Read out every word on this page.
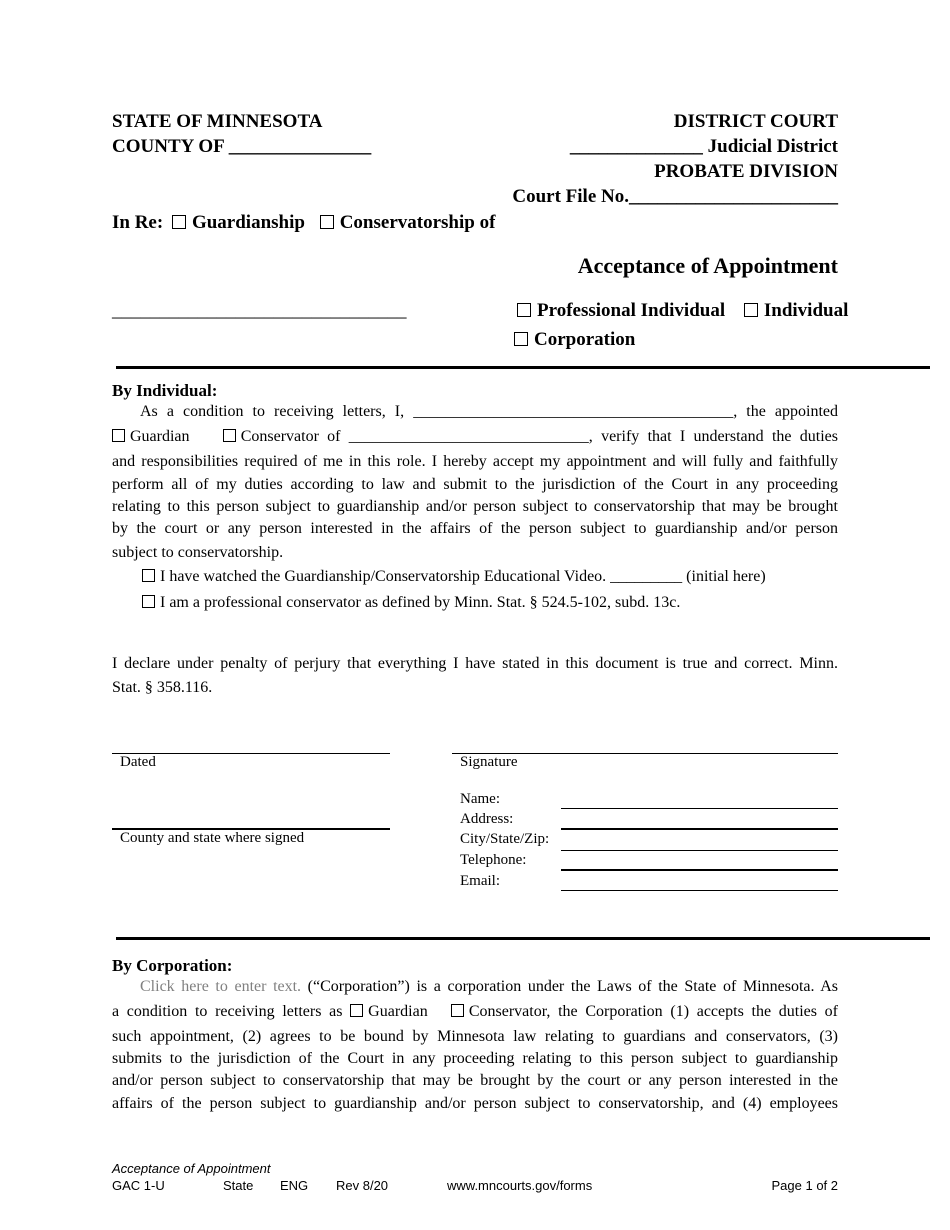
STATE OF MINNESOTA
COUNTY OF _______________
DISTRICT COURT
______________ Judicial District
PROBATE DIVISION
Court File No.______________________
In Re: Guardianship Conservatorship of
Acceptance of Appointment
_______________________________	Professional Individual Individual
Corporation
By Individual:
As a condition to receiving letters, I, ________________________________________, the appointed
Guardian	Conservator of ______________________________, verify that I understand the duties
and responsibilities required of me in this role. I hereby accept my appointment and will fully and faithfully
perform all of my duties according to law and submit to the jurisdiction of the Court in any proceeding
relating to this person subject to guardianship and/or person subject to conservatorship that may be brought
by the court or any person interested in the affairs of the person subject to guardianship and/or person
subject to conservatorship.
I have watched the Guardianship/Conservatorship Educational Video. _________ (initial here)
I am a professional conservator as defined by Minn. Stat. § 524.5-102, subd. 13c.
I declare under penalty of perjury that everything I have stated in this document is true and correct. Minn.
Stat. § 358.116.
Dated
County and state where signed
Signature
Name:
Address:
City/State/Zip:
Telephone:
Email:
By Corporation:
Click here to enter text. (“Corporation”) is a corporation under the Laws of the State of Minnesota. As
a condition to receiving letters as Guardian	Conservator, the Corporation (1) accepts the duties of
such appointment, (2) agrees to be bound by Minnesota law relating to guardians and conservators, (3)
submits to the jurisdiction of the Court in any proceeding relating to this person subject to guardianship
and/or person subject to conservatorship that may be brought by the court or any person interested in the
affairs of the person subject to guardianship and/or person subject to conservatorship, and (4) employees
Acceptance of Appointment
GAC 1-U	State ENG Rev 8/20	www.mncourts.gov/forms	Page 1 of 2
